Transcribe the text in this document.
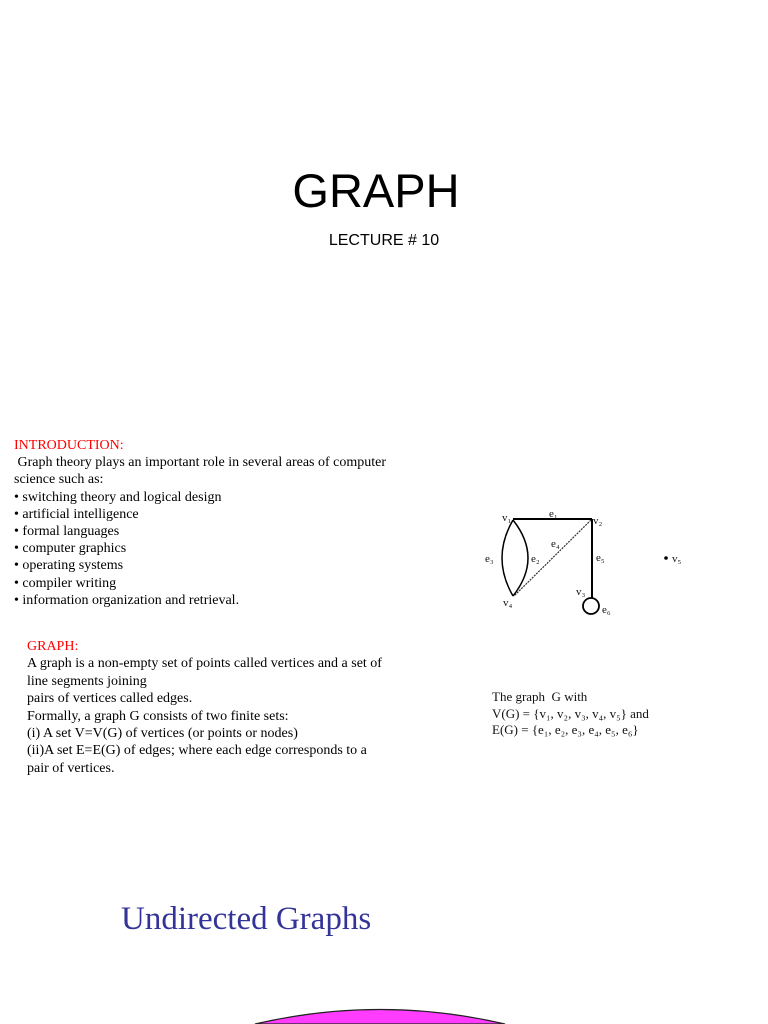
GRAPH
LECTURE # 10
INTRODUCTION:
Graph theory plays an important role in several areas of computer
science such as:
• switching theory and logical design
• artificial intelligence
• formal languages
• computer graphics
• operating systems
• compiler writing
• information organization and retrieval.
v₁	e₁
v₂
e₄
e₃	e₂	e₅	v₅
v₃
e₆
v₄
GRAPH:
A graph is a non-empty set of points called vertices and a set of
line segments joining
pairs of vertices called edges.
Formally, a graph G consists of two finite sets:
(i) A set V=V(G) of vertices (or points or nodes)
(ii)A set E=E(G) of edges; where each edge corresponds to a
pair of vertices.
The graph  G with
V(G) = {v₁, v₂, v₃, v₄, v₅} and
E(G) = {e₁, e₂, e₃, e₄, e₅, e₆}
Undirected Graphs
